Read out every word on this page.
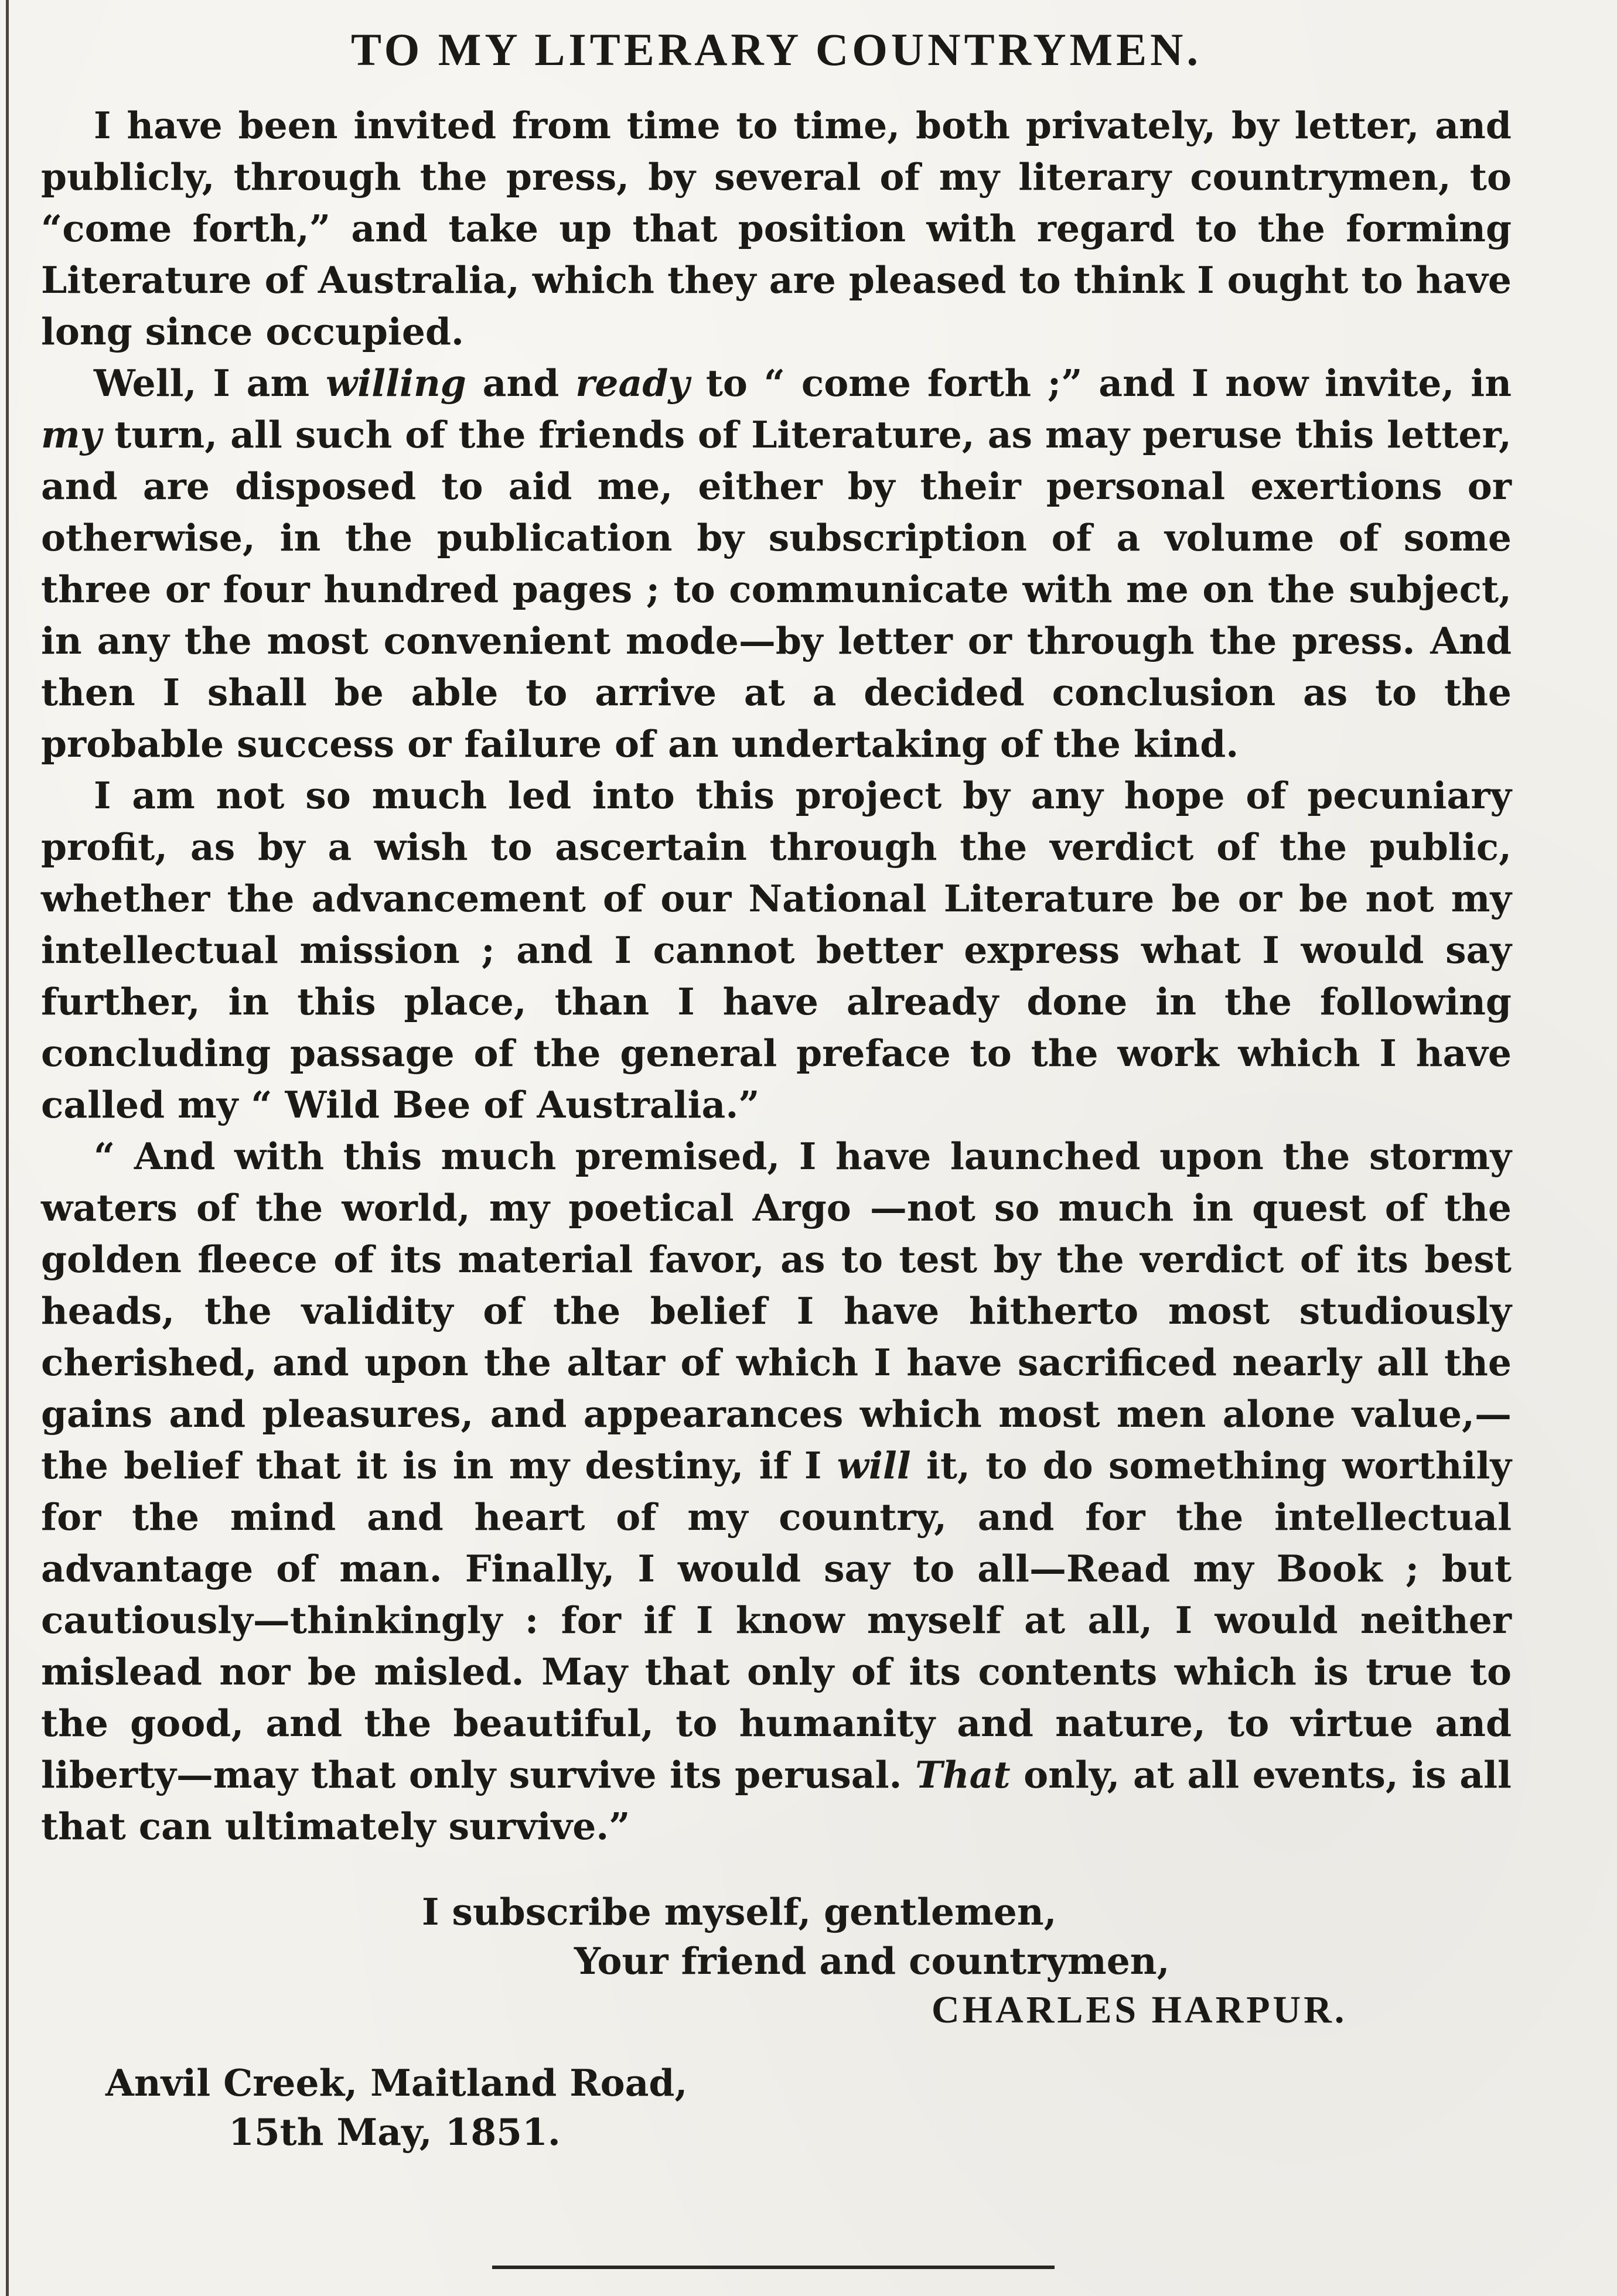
TO MY LITERARY COUNTRYMEN.

I have been invited from time to time, both privately, by letter, and publicly, through the press, by several of my literary countrymen, to “come forth,” and take up that position with regard to the forming Literature of Australia, which they are pleased to think I ought to have long since occupied.

Well, I am willing and ready to “ come forth ;” and I now invite, in my turn, all such of the friends of Literature, as may peruse this letter, and are disposed to aid me, either by their personal exertions or otherwise, in the publication by subscription of a volume of some three or four hundred pages ; to communicate with me on the subject, in any the most convenient mode—by letter or through the press. And then I shall be able to arrive at a decided conclusion as to the probable success or failure of an undertaking of the kind.

I am not so much led into this project by any hope of pecuniary profit, as by a wish to ascertain through the verdict of the public, whether the advancement of our National Literature be or be not my intellectual mission ; and I cannot better express what I would say further, in this place, than I have already done in the following concluding passage of the general preface to the work which I have called my “ Wild Bee of Australia.”

“ And with this much premised, I have launched upon the stormy waters of the world, my poetical Argo —not so much in quest of the golden fleece of its material favor, as to test by the verdict of its best heads, the validity of the belief I have hitherto most studiously cherished, and upon the altar of which I have sacrificed nearly all the gains and pleasures, and appearances which most men alone value,—the belief that it is in my destiny, if I will it, to do something worthily for the mind and heart of my country, and for the intellectual advantage of man. Finally, I would say to all—Read my Book ; but cautiously—thinkingly : for if I know myself at all, I would neither mislead nor be misled. May that only of its contents which is true to the good, and the beautiful, to humanity and nature, to virtue and liberty—may that only survive its perusal. That only, at all events, is all that can ultimately survive.”

I subscribe myself, gentlemen,

Your friend and countrymen,

CHARLES HARPUR.

Anvil Creek, Maitland Road,

15th May, 1851.
